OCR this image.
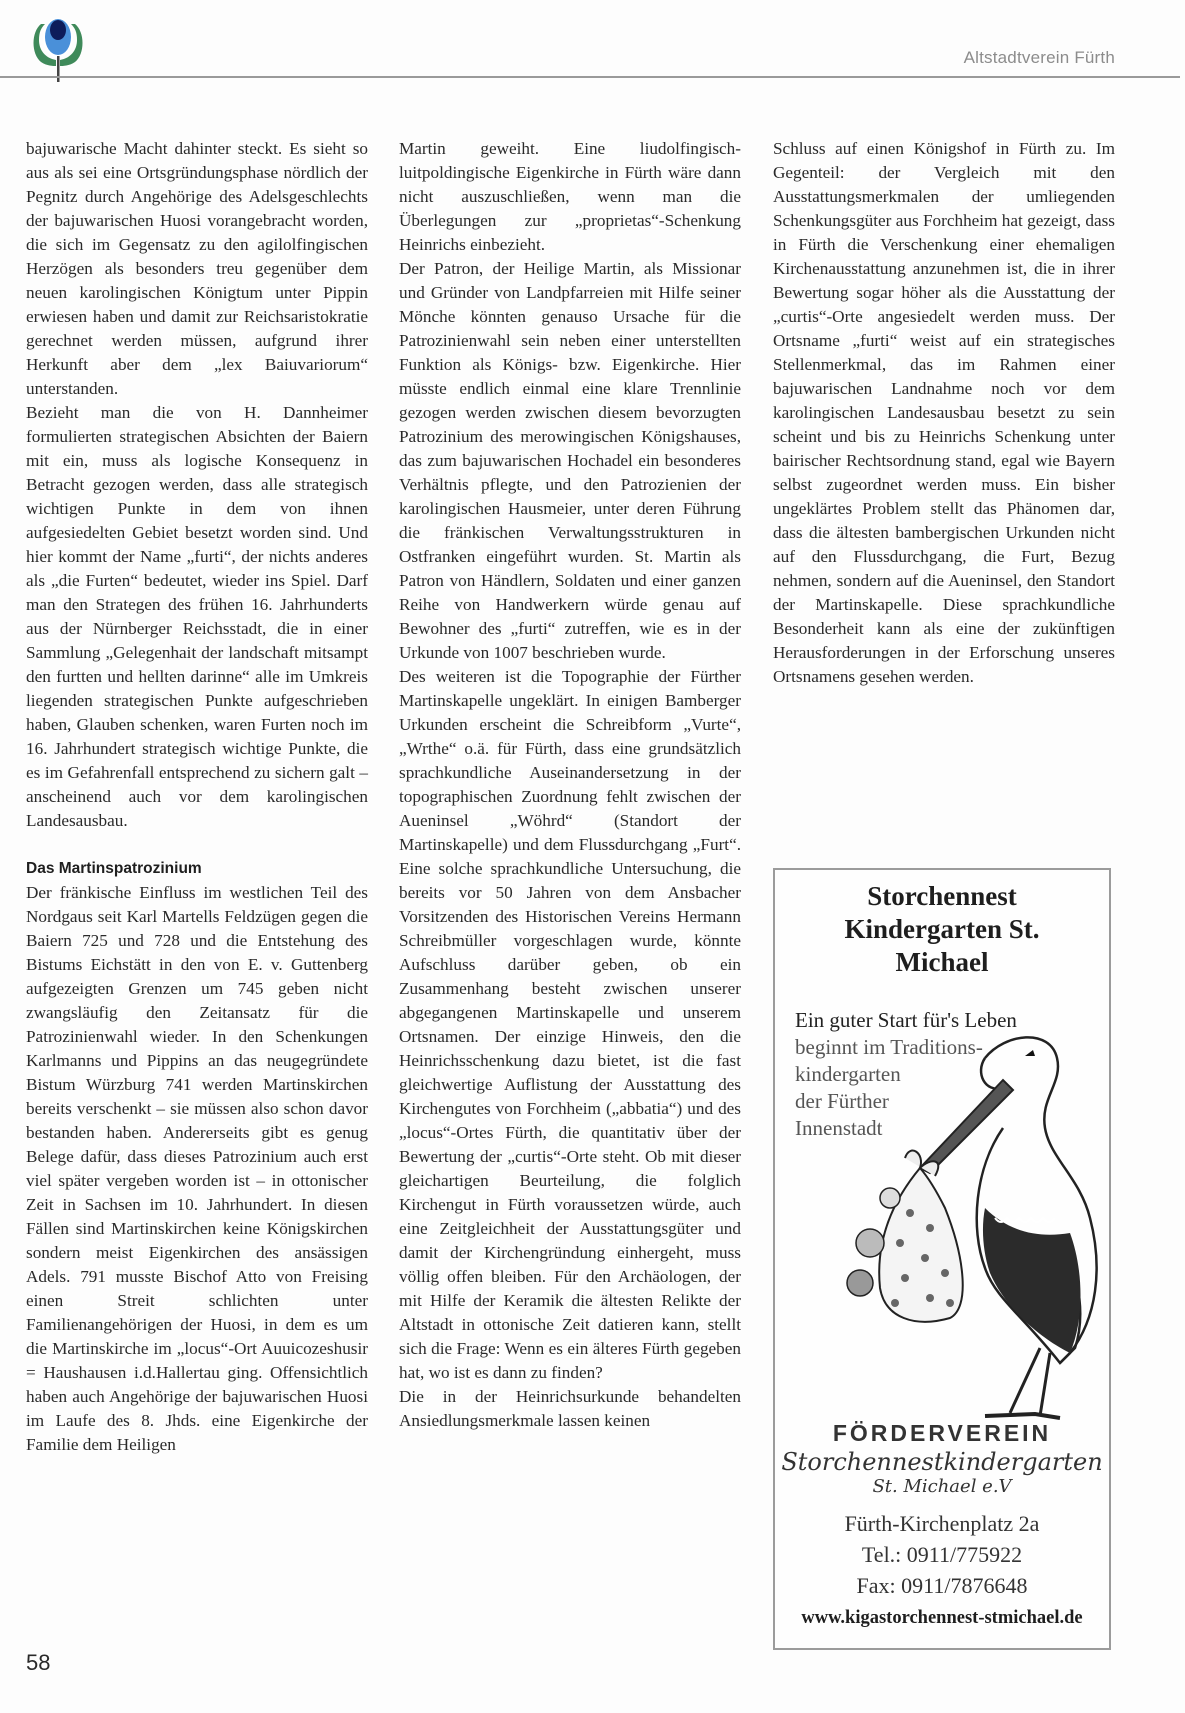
Altstadtverein Fürth

bajuwarische Macht dahinter steckt. Es sieht so aus als sei eine Ortsgründungsphase nördlich der Pegnitz durch Angehörige des Adelsgeschlechts der bajuwarischen Huosi vorangebracht worden, die sich im Gegensatz zu den agilolfingischen Herzögen als besonders treu gegenüber dem neuen karolingischen Königtum unter Pippin erwiesen haben und damit zur Reichsaristokratie gerechnet werden müssen, aufgrund ihrer Herkunft aber dem „lex Baiuvariorum“ unterstanden.

Bezieht man die von H. Dannheimer formulierten strategischen Absichten der Baiern mit ein, muss als logische Konsequenz in Betracht gezogen werden, dass alle strategisch wichtigen Punkte in dem von ihnen aufgesiedelten Gebiet besetzt worden sind. Und hier kommt der Name „furti“, der nichts anderes als „die Furten“ bedeutet, wieder ins Spiel. Darf man den Strategen des frühen 16. Jahrhunderts aus der Nürnberger Reichsstadt, die in einer Sammlung „Gelegenhait der landschaft mitsampt den furtten und hellten darinne“ alle im Umkreis liegenden strategischen Punkte aufgeschrieben haben, Glauben schenken, waren Furten noch im 16. Jahrhundert strategisch wichtige Punkte, die es im Gefahrenfall entsprechend zu sichern galt – anscheinend auch vor dem karolingischen Landesausbau.

Das Martinspatrozinium

Der fränkische Einfluss im westlichen Teil des Nordgaus seit Karl Martells Feldzügen gegen die Baiern 725 und 728 und die Entstehung des Bistums Eichstätt in den von E. v. Guttenberg aufgezeigten Grenzen um 745 geben nicht zwangsläufig den Zeitansatz für die Patrozinienwahl wieder. In den Schenkungen Karlmanns und Pippins an das neugegründete Bistum Würzburg 741 werden Martinskirchen bereits verschenkt – sie müssen also schon davor bestanden haben. Andererseits gibt es genug Belege dafür, dass dieses Patrozinium auch erst viel später vergeben worden ist – in ottonischer Zeit in Sachsen im 10. Jahrhundert. In diesen Fällen sind Martinskirchen keine Königskirchen sondern meist Eigenkirchen des ansässigen Adels. 791 musste Bischof Atto von Freising einen Streit schlichten unter Familienangehörigen der Huosi, in dem es um die Martinskirche im „locus“-Ort Auuicozeshusir = Haushausen i.d.Hallertau ging. Offensichtlich haben auch Angehörige der bajuwarischen Huosi im Laufe des 8. Jhds. eine Eigenkirche der Familie dem Heiligen

Martin geweiht. Eine liudolfingisch-luitpoldingische Eigenkirche in Fürth wäre dann nicht auszuschließen, wenn man die Überlegungen zur „proprietas“-Schenkung Heinrichs einbezieht.

Der Patron, der Heilige Martin, als Missionar und Gründer von Landpfarreien mit Hilfe seiner Mönche könnten genauso Ursache für die Patrozinienwahl sein neben einer unterstellten Funktion als Königs- bzw. Eigenkirche. Hier müsste endlich einmal eine klare Trennlinie gezogen werden zwischen diesem bevorzugten Patrozinium des merowingischen Königshauses, das zum bajuwarischen Hochadel ein besonderes Verhältnis pflegte, und den Patrozienien der karolingischen Hausmeier, unter deren Führung die fränkischen Verwaltungsstrukturen in Ostfranken eingeführt wurden. St. Martin als Patron von Händlern, Soldaten und einer ganzen Reihe von Handwerkern würde genau auf Bewohner des „furti“ zutreffen, wie es in der Urkunde von 1007 beschrieben wurde.

Des weiteren ist die Topographie der Fürther Martinskapelle ungeklärt. In einigen Bamberger Urkunden erscheint die Schreibform „Vurte“, „Wrthe“ o.ä. für Fürth, dass eine grundsätzlich sprachkundliche Auseinandersetzung in der topographischen Zuordnung fehlt zwischen der Aueninsel „Wöhrd“ (Standort der Martinskapelle) und dem Flussdurchgang „Furt“. Eine solche sprachkundliche Untersuchung, die bereits vor 50 Jahren von dem Ansbacher Vorsitzenden des Historischen Vereins Hermann Schreibmüller vorgeschlagen wurde, könnte Aufschluss darüber geben, ob ein Zusammenhang besteht zwischen unserer abgegangenen Martinskapelle und unserem Ortsnamen. Der einzige Hinweis, den die Heinrichsschenkung dazu bietet, ist die fast gleichwertige Auflistung der Ausstattung des Kirchengutes von Forchheim („abbatia“) und des „locus“-Ortes Fürth, die quantitativ über der Bewertung der „curtis“-Orte steht. Ob mit dieser gleichartigen Beurteilung, die folglich Kirchengut in Fürth voraussetzen würde, auch eine Zeitgleichheit der Ausstattungsgüter und damit der Kirchengründung einhergeht, muss völlig offen bleiben. Für den Archäologen, der mit Hilfe der Keramik die ältesten Relikte der Altstadt in ottonische Zeit datieren kann, stellt sich die Frage: Wenn es ein älteres Fürth gegeben hat, wo ist es dann zu finden?

Die in der Heinrichsurkunde behandelten Ansiedlungsmerkmale lassen keinen

Schluss auf einen Königshof in Fürth zu. Im Gegenteil: der Vergleich mit den Ausstattungsmerkmalen der umliegenden Schenkungsgüter aus Forchheim hat gezeigt, dass in Fürth die Verschenkung einer ehemaligen Kirchenausstattung anzunehmen ist, die in ihrer Bewertung sogar höher als die Ausstattung der „curtis“-Orte angesiedelt werden muss. Der Ortsname „furti“ weist auf ein strategisches Stellenmerkmal, das im Rahmen einer bajuwarischen Landnahme noch vor dem karolingischen Landesausbau besetzt zu sein scheint und bis zu Heinrichs Schenkung unter bairischer Rechtsordnung stand, egal wie Bayern selbst zugeordnet werden muss. Ein bisher ungeklärtes Problem stellt das Phänomen dar, dass die ältesten bambergischen Urkunden nicht auf den Flussdurchgang, die Furt, Bezug nehmen, sondern auf die Aueninsel, den Standort der Martinskapelle. Diese sprachkundliche Besonderheit kann als eine der zukünftigen Herausforderungen in der Erforschung unseres Ortsnamens gesehen werden.

Storchennest
Kindergarten St.
Michael
Ein guter Start für's Leben
beginnt im Traditions-
kindergarten
der Fürther
Innenstadt
FÖRDERVEREIN
Storchennestkindergarten
St. Michael e.V
Fürth-Kirchenplatz 2a
Tel.: 0911/775922
Fax: 0911/7876648
www.kigastorchennest-stmichael.de
58
